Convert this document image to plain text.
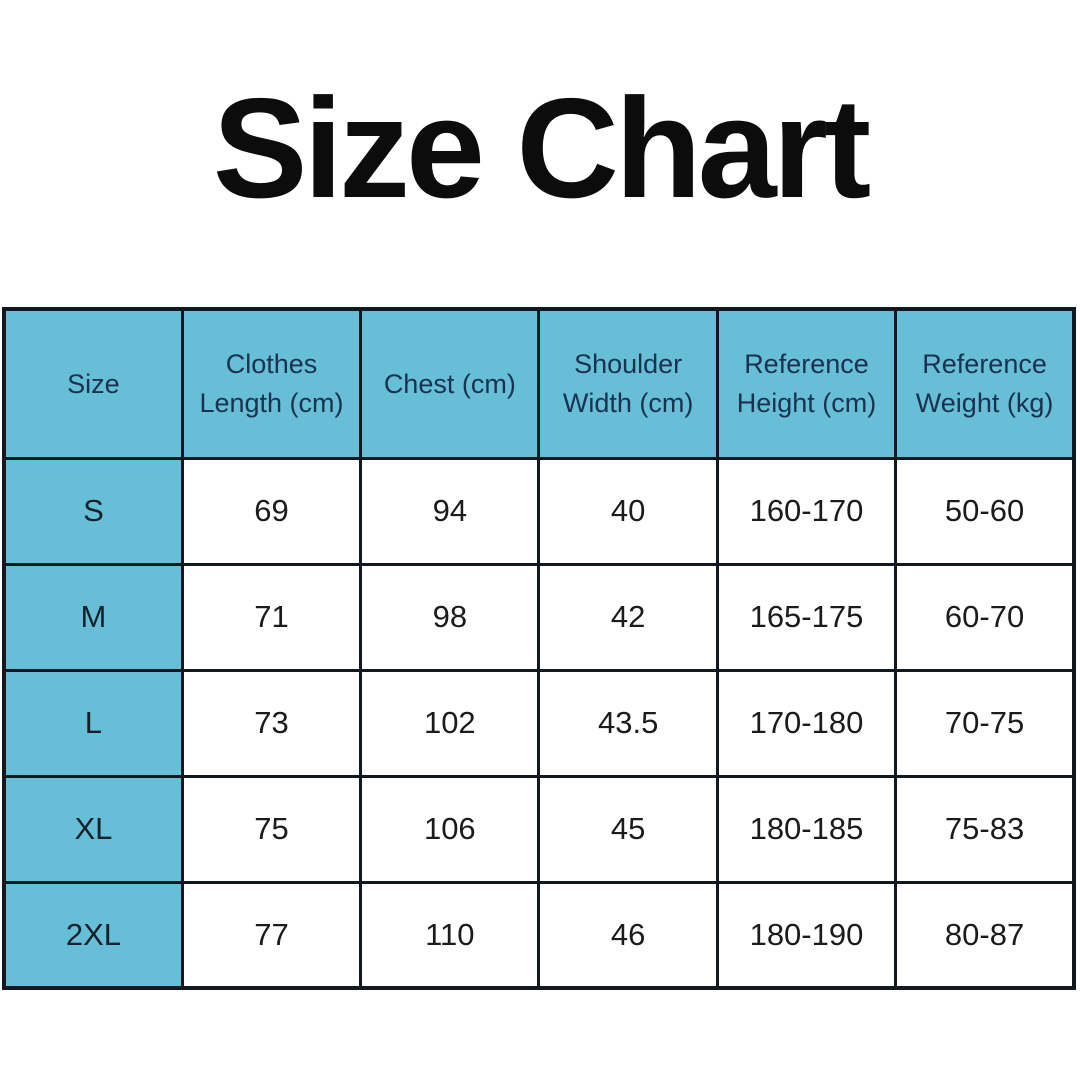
Size Chart
Size	Clothes Length (cm)	Chest (cm)	Shoulder Width (cm)	Reference Height (cm)	Reference Weight (kg)
S	69	94	40	160-170	50-60
M	71	98	42	165-175	60-70
L	73	102	43.5	170-180	70-75
XL	75	106	45	180-185	75-83
2XL	77	110	46	180-190	80-87
